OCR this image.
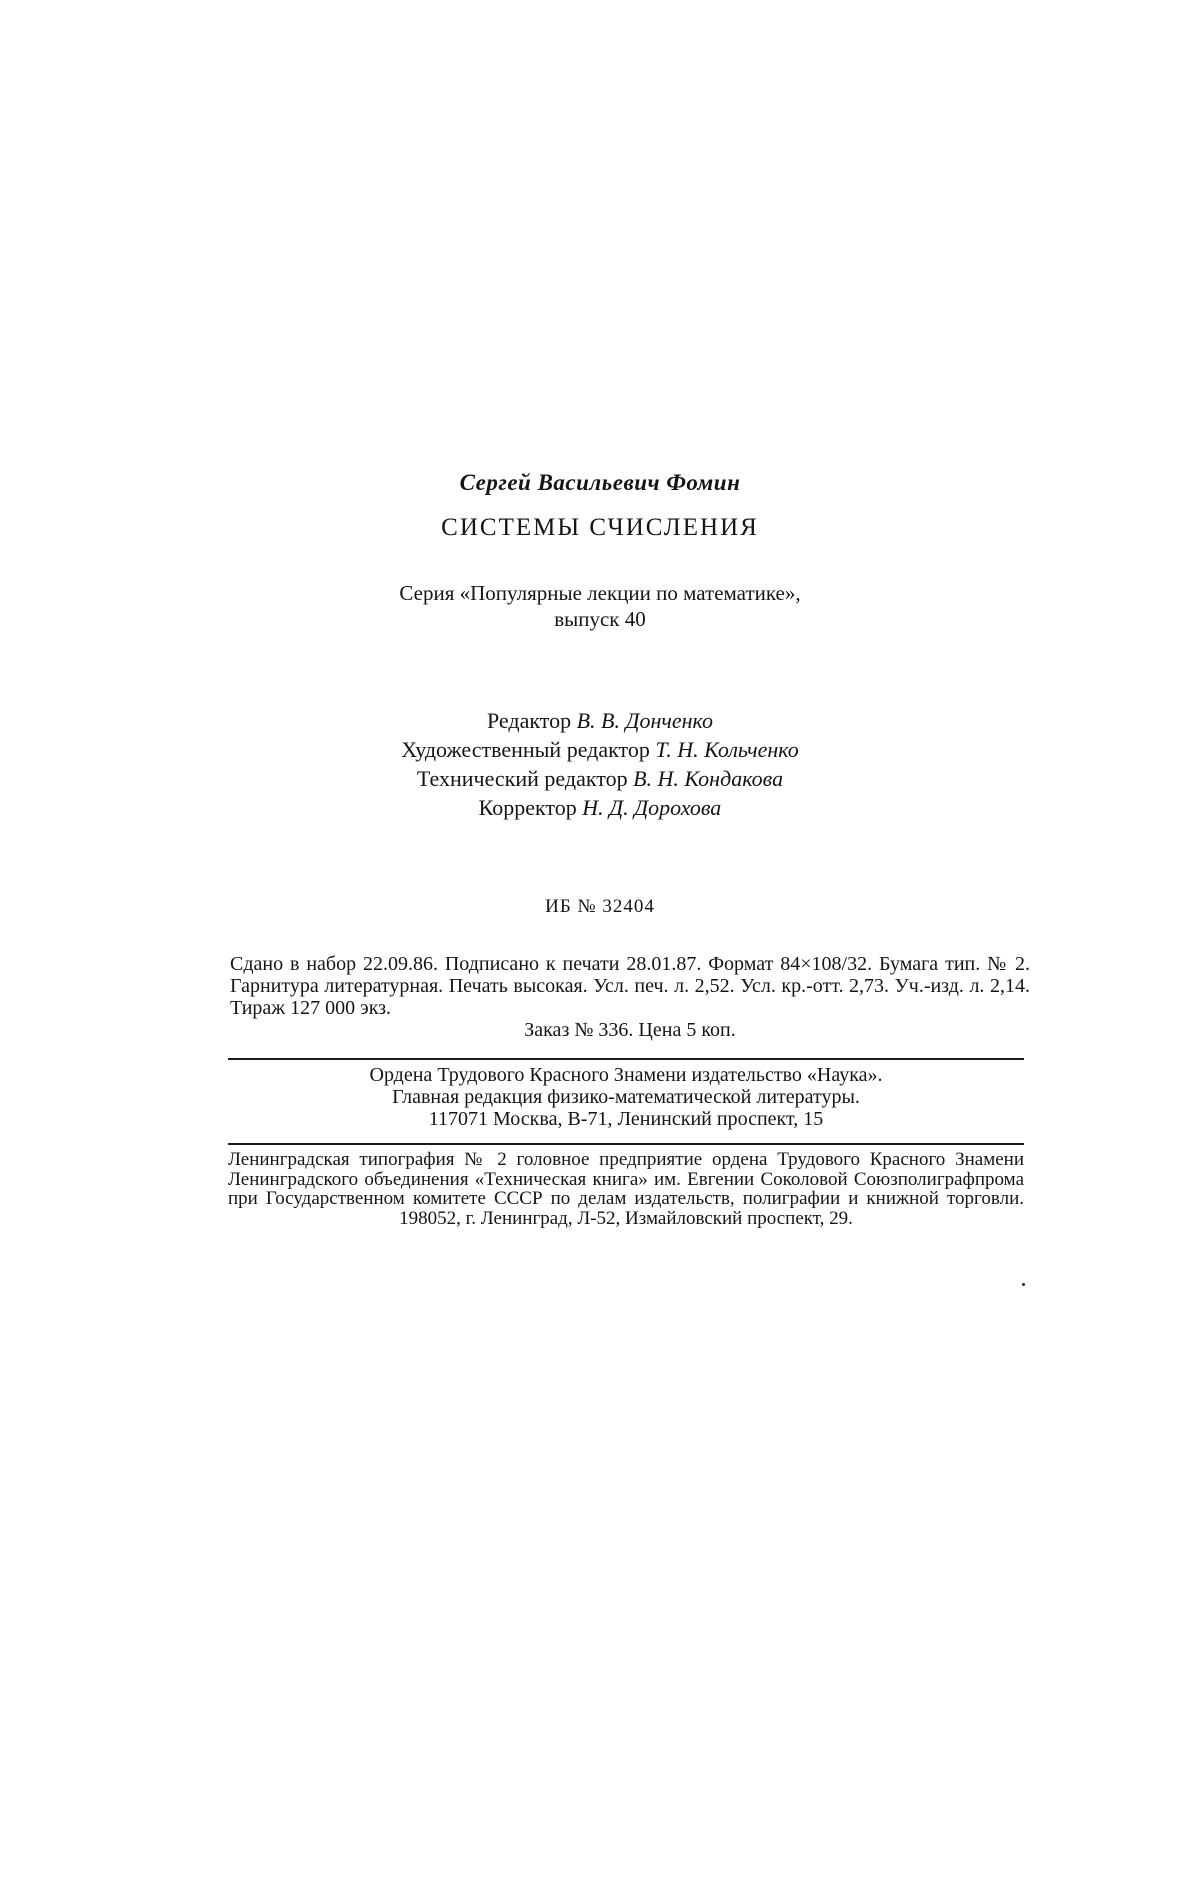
Сергей Васильевич Фомин
СИСТЕМЫ СЧИСЛЕНИЯ
Серия «Популярные лекции по математике»,
выпуск 40
Редактор В. В. Донченко
Художественный редактор Т. Н. Кольченко
Технический редактор В. Н. Кондакова
Корректор Н. Д. Дорохова
ИБ № 32404
Сдано в набор 22.09.86. Подписано к печати 28.01.87. Формат 84×108/32. Бумага тип. № 2. Гарнитура литературная. Печать высокая. Усл. печ. л. 2,52. Усл. кр.-отт. 2,73. Уч.-изд. л. 2,14. Тираж 127 000 экз.
Заказ № 336. Цена 5 коп.
Ордена Трудового Красного Знамени издательство «Наука».
Главная редакция физико-математической литературы.
117071 Москва, В-71, Ленинский проспект, 15
Ленинградская типография № 2 головное предприятие ордена Трудового Красного Знамени Ленинградского объединения «Техническая книга» им. Евгении Соколовой Союзполиграфпрома при Государственном комитете СССР по делам издательств, полиграфии и книжной торговли. 198052, г. Ленинград, Л-52, Измайловский проспект, 29.
